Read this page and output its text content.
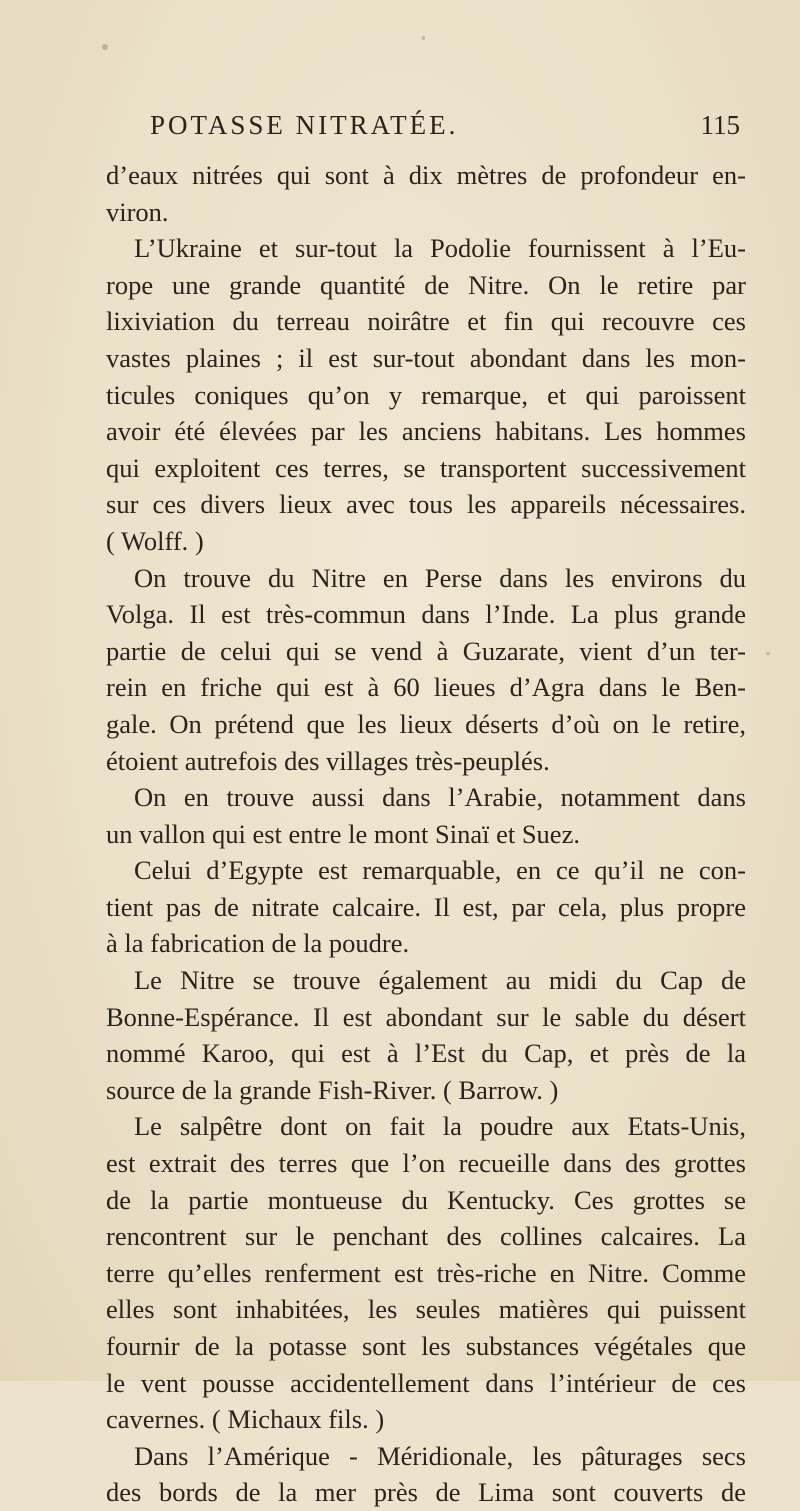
POTASSE NITRATÉE.	115
d’eaux nitrées qui sont à dix mètres de profondeur en-
viron.
L’Ukraine et sur-tout la Podolie fournissent à l’Eu-
rope une grande quantité de Nitre. On le retire par
lixiviation du terreau noirâtre et fin qui recouvre ces
vastes plaines ; il est sur-tout abondant dans les mon-
ticules coniques qu’on y remarque, et qui paroissent
avoir été élevées par les anciens habitans. Les hommes
qui exploitent ces terres, se transportent successivement
sur ces divers lieux avec tous les appareils nécessaires.
( Wolff. )
On trouve du Nitre en Perse dans les environs du
Volga. Il est très-commun dans l’Inde. La plus grande
partie de celui qui se vend à Guzarate, vient d’un ter-
rein en friche qui est à 60 lieues d’Agra dans le Ben-
gale. On prétend que les lieux déserts d’où on le retire,
étoient autrefois des villages très-peuplés.
On en trouve aussi dans l’Arabie, notamment dans
un vallon qui est entre le mont Sinaï et Suez.
Celui d’Egypte est remarquable, en ce qu’il ne con-
tient pas de nitrate calcaire. Il est, par cela, plus propre
à la fabrication de la poudre.
Le Nitre se trouve également au midi du Cap de
Bonne-Espérance. Il est abondant sur le sable du désert
nommé Karoo, qui est à l’Est du Cap, et près de la
source de la grande Fish-River. ( Barrow. )
Le salpêtre dont on fait la poudre aux Etats-Unis,
est extrait des terres que l’on recueille dans des grottes
de la partie montueuse du Kentucky. Ces grottes se
rencontrent sur le penchant des collines calcaires. La
terre qu’elles renferment est très-riche en Nitre. Comme
elles sont inhabitées, les seules matières qui puissent
fournir de la potasse sont les substances végétales que
le vent pousse accidentellement dans l’intérieur de ces
cavernes. ( Michaux fils. )
Dans l’Amérique - Méridionale, les pâturages secs
des bords de la mer près de Lima sont couverts de
